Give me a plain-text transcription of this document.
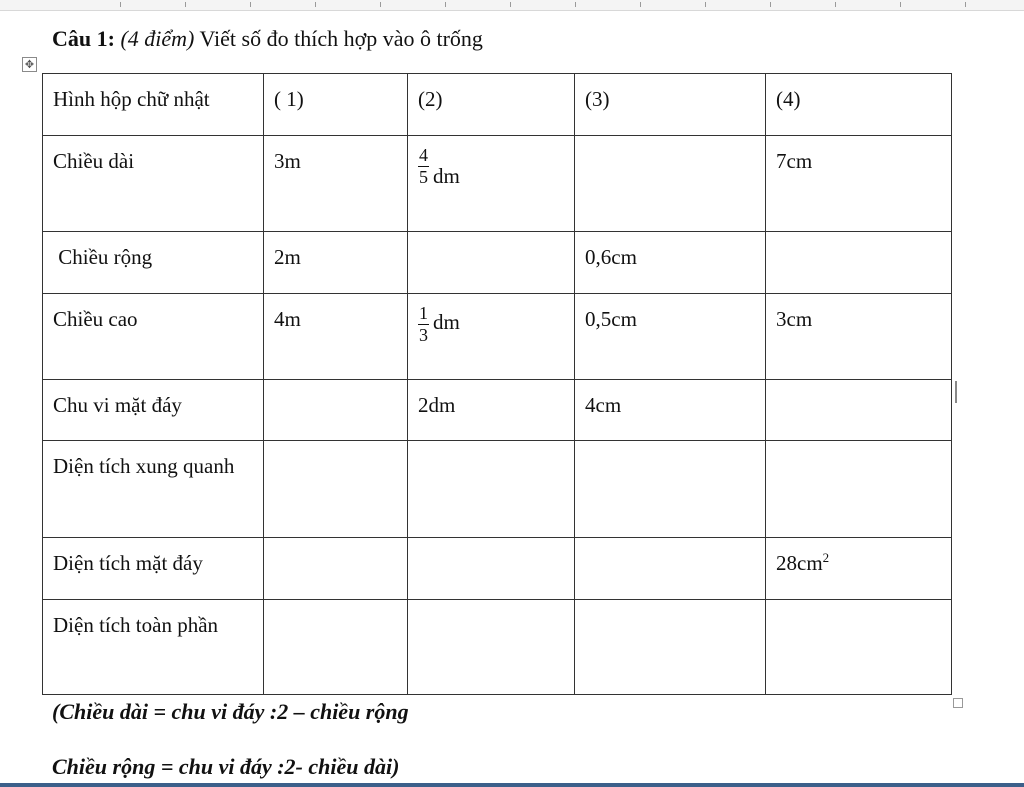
Câu 1: (4 điểm) Viết số đo thích hợp vào ô trống
✥
Hình hộp chữ nhật	( 1)	(2)	(3)	(4)
Chiều dài	3m	$\frac{4}{5}$ dm		7cm
Chiều rộng	2m		0,6cm	
Chiều cao	4m	$\frac{1}{3}$ dm	0,5cm	3cm
Chu vi mặt đáy		2dm	4cm	
Diện tích xung quanh				
Diện tích mặt đáy				$28cm^2$
Diện tích toàn phần				
(Chiều dài = chu vi đáy :2 – chiều rộng
Chiều rộng = chu vi đáy :2- chiều dài)
